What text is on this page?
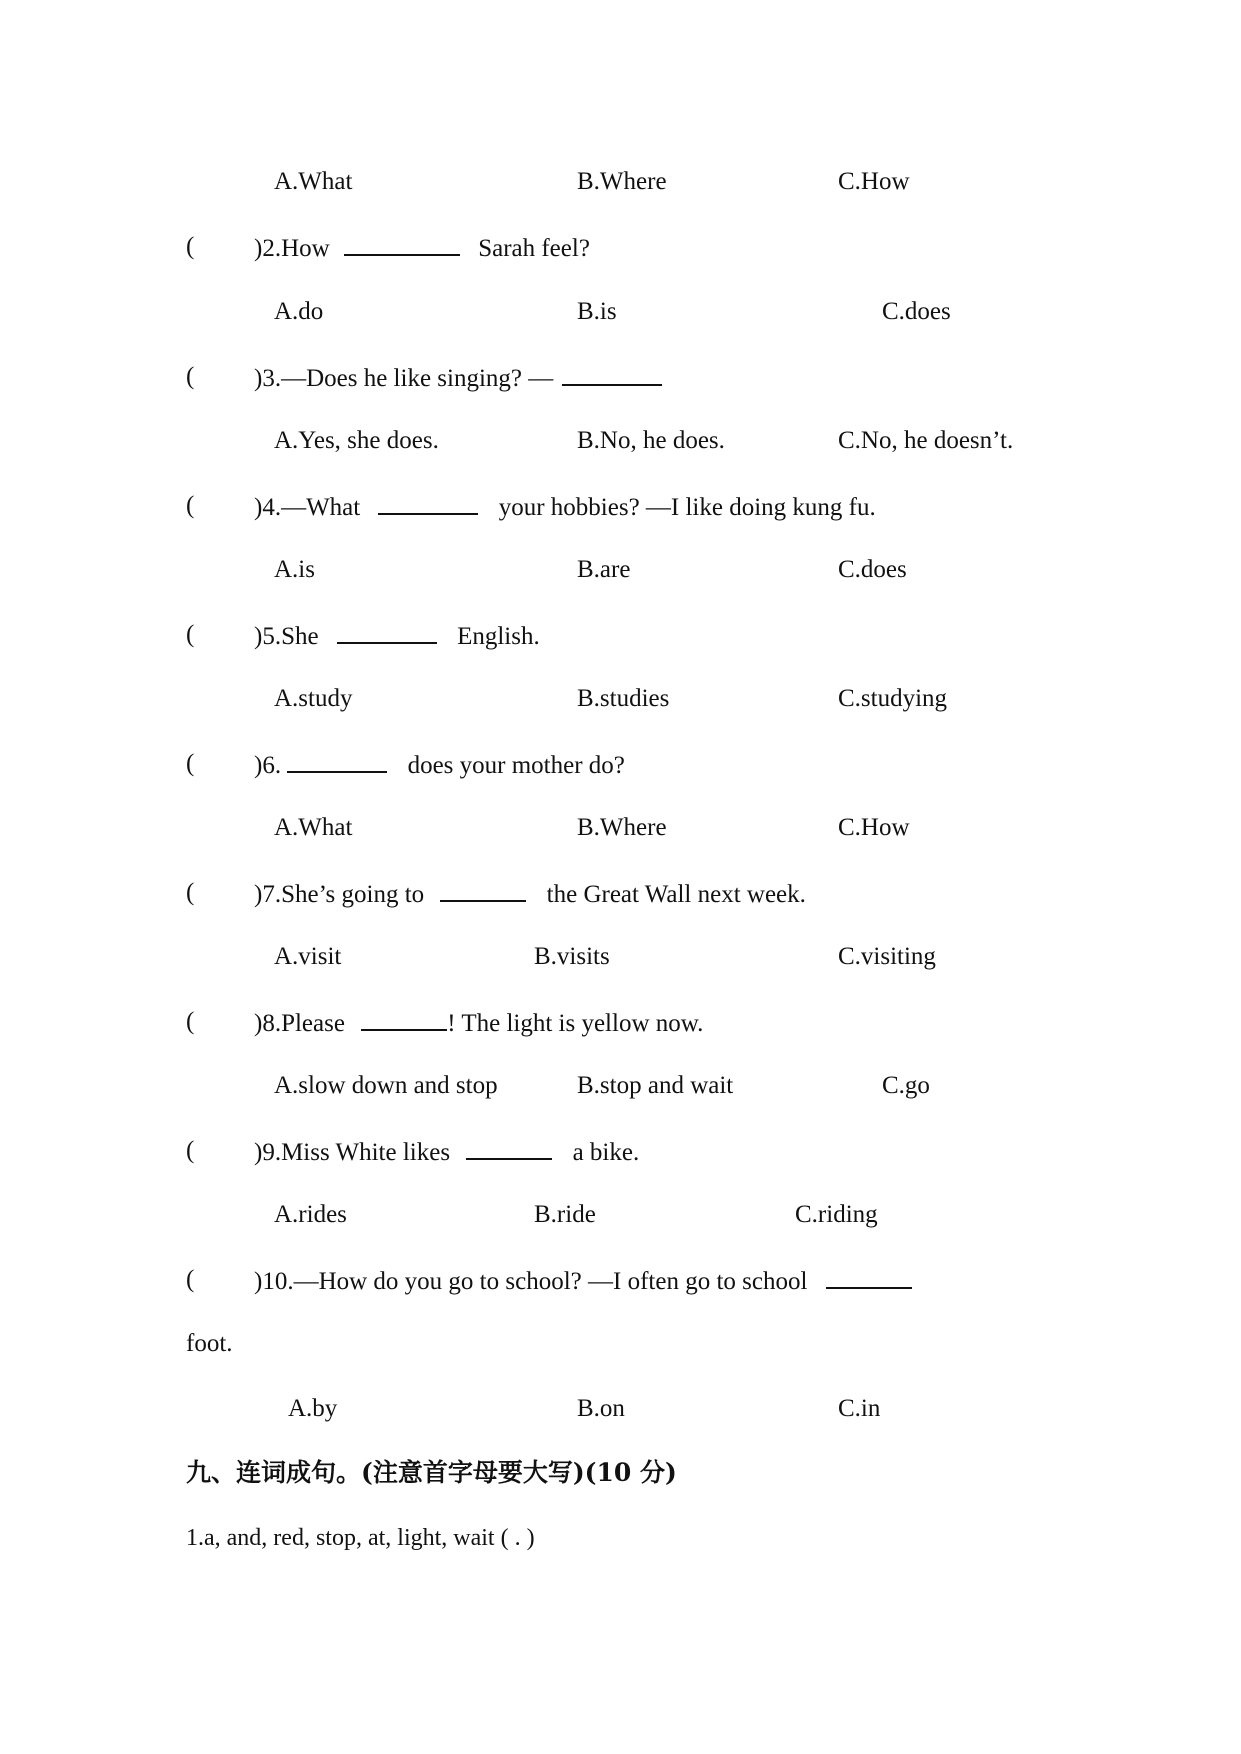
A.What	B.Where	C.How
( )2.How	Sarah feel?
A.do	B.is	C.does
( )3.—Does he like singing? —
A.Yes, she does.	B.No, he does.	C.No, he doesn’t.
( )4.—What	your hobbies? —I like doing kung fu.
A.is	B.are	C.does
( )5.She	English.
A.study	B.studies	C.studying
( )6.	does your mother do?
A.What	B.Where	C.How
( )7.She’s going to	the Great Wall next week.
A.visit	B.visits	C.visiting
( )8.Please	! The light is yellow now.
A.slow down and stop	B.stop and wait	C.go
( )9.Miss White likes	a bike.
A.rides	B.ride	C.riding
( )10.—How do you go to school? —I often go to school
foot.
A.by	B.on	C.in
九、连词成句。(注意首字母要大写)(10 分)
1.a, and, red, stop, at, light, wait ( . )
